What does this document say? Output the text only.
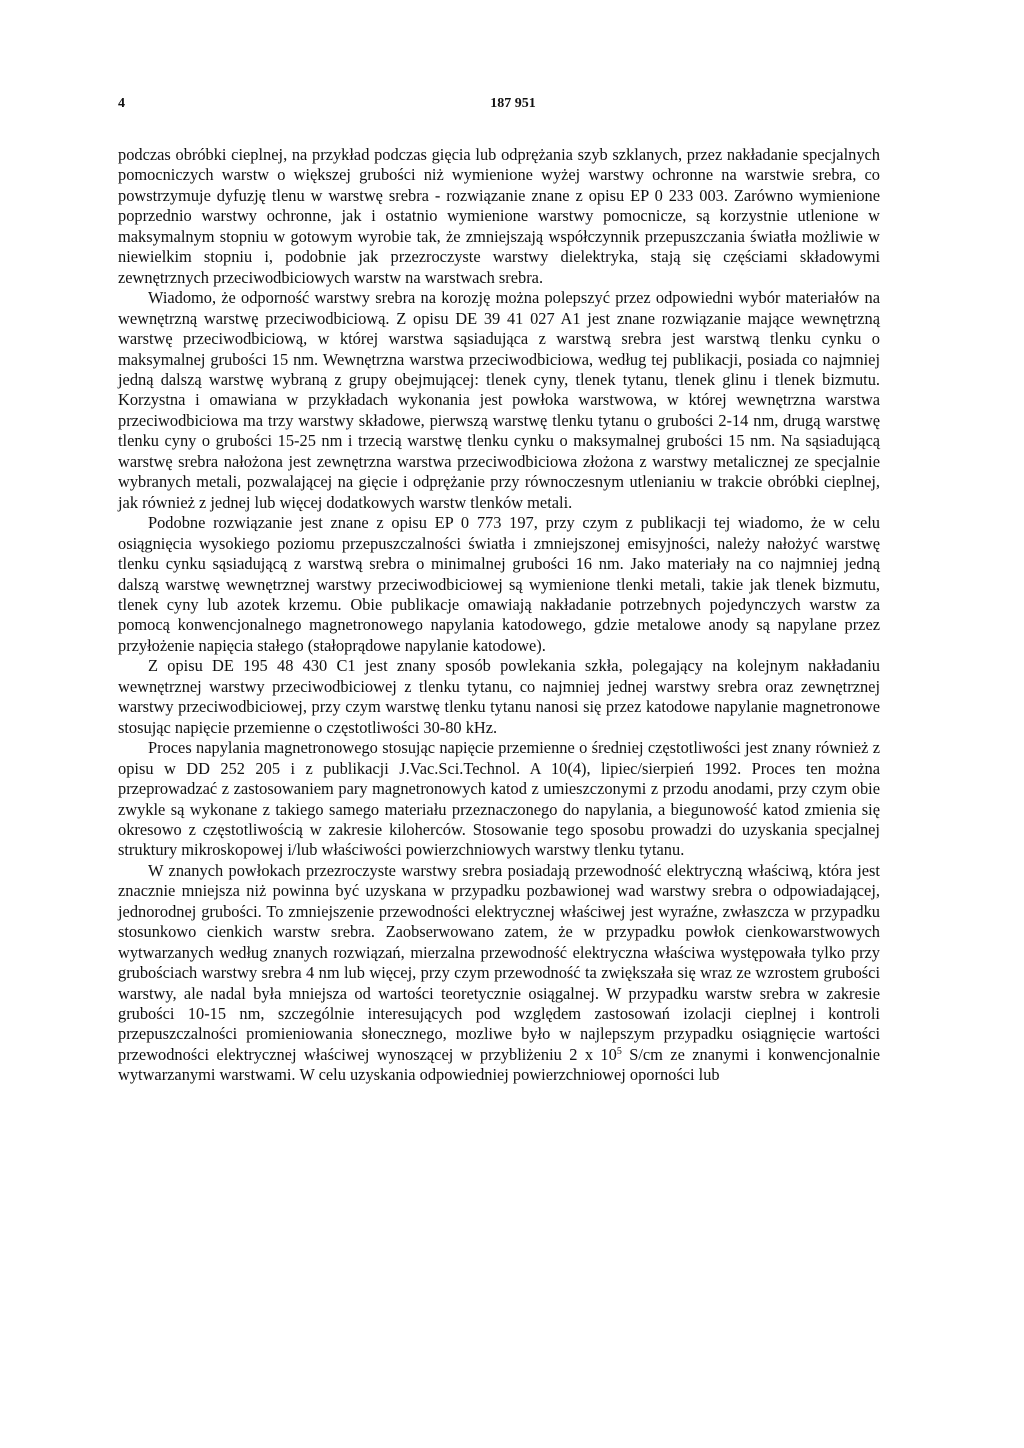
4	187 951

podczas obróbki cieplnej, na przykład podczas gięcia lub odprężania szyb szklanych, przez nakładanie specjalnych pomocniczych warstw o większej grubości niż wymienione wyżej warstwy ochronne na warstwie srebra, co powstrzymuje dyfuzję tlenu w warstwę srebra - rozwiązanie znane z opisu EP 0 233 003. Zarówno wymienione poprzednio warstwy ochronne, jak i ostatnio wymienione warstwy pomocnicze, są korzystnie utlenione w maksymalnym stopniu w gotowym wyrobie tak, że zmniejszają współczynnik przepuszczania światła możliwie w niewielkim stopniu i, podobnie jak przezroczyste warstwy dielektryka, stają się częściami składowymi zewnętrznych przeciwodbiciowych warstw na warstwach srebra.

Wiadomo, że odporność warstwy srebra na korozję można polepszyć przez odpowiedni wybór materiałów na wewnętrzną warstwę przeciwodbiciową. Z opisu DE 39 41 027 A1 jest znane rozwiązanie mające wewnętrzną warstwę przeciwodbiciową, w której warstwa sąsiadująca z warstwą srebra jest warstwą tlenku cynku o maksymalnej grubości 15 nm. Wewnętrzna warstwa przeciwodbiciowa, według tej publikacji, posiada co najmniej jedną dalszą warstwę wybraną z grupy obejmującej: tlenek cyny, tlenek tytanu, tlenek glinu i tlenek bizmutu. Korzystna i omawiana w przykładach wykonania jest powłoka warstwowa, w której wewnętrzna warstwa przeciwodbiciowa ma trzy warstwy składowe, pierwszą warstwę tlenku tytanu o grubości 2-14 nm, drugą warstwę tlenku cyny o grubości 15-25 nm i trzecią warstwę tlenku cynku o maksymalnej grubości 15 nm. Na sąsiadującą warstwę srebra nałożona jest zewnętrzna warstwa przeciwodbiciowa złożona z warstwy metalicznej ze specjalnie wybranych metali, pozwalającej na gięcie i odprężanie przy równoczesnym utlenianiu w trakcie obróbki cieplnej, jak również z jednej lub więcej dodatkowych warstw tlenków metali.

Podobne rozwiązanie jest znane z opisu EP 0 773 197, przy czym z publikacji tej wiadomo, że w celu osiągnięcia wysokiego poziomu przepuszczalności światła i zmniejszonej emisyjności, należy nałożyć warstwę tlenku cynku sąsiadującą z warstwą srebra o minimalnej grubości 16 nm. Jako materiały na co najmniej jedną dalszą warstwę wewnętrznej warstwy przeciwodbiciowej są wymienione tlenki metali, takie jak tlenek bizmutu, tlenek cyny lub azotek krzemu. Obie publikacje omawiają nakładanie potrzebnych pojedynczych warstw za pomocą konwencjonalnego magnetronowego napylania katodowego, gdzie metalowe anody są napylane przez przyłożenie napięcia stałego (stałoprądowe napylanie katodowe).

Z opisu DE 195 48 430 C1 jest znany sposób powlekania szkła, polegający na kolejnym nakładaniu wewnętrznej warstwy przeciwodbiciowej z tlenku tytanu, co najmniej jednej warstwy srebra oraz zewnętrznej warstwy przeciwodbiciowej, przy czym warstwę tlenku tytanu nanosi się przez katodowe napylanie magnetronowe stosując napięcie przemienne o częstotliwości 30-80 kHz.

Proces napylania magnetronowego stosując napięcie przemienne o średniej częstotliwości jest znany również z opisu w DD 252 205 i z publikacji J.Vac.Sci.Technol. A 10(4), lipiec/sierpień 1992. Proces ten można przeprowadzać z zastosowaniem pary magnetronowych katod z umieszczonymi z przodu anodami, przy czym obie zwykle są wykonane z takiego samego materiału przeznaczonego do napylania, a biegunowość katod zmienia się okresowo z częstotliwością w zakresie kiloherców. Stosowanie tego sposobu prowadzi do uzyskania specjalnej struktury mikroskopowej i/lub właściwości powierzchniowych warstwy tlenku tytanu.

W znanych powłokach przezroczyste warstwy srebra posiadają przewodność elektryczną właściwą, która jest znacznie mniejsza niż powinna być uzyskana w przypadku pozbawionej wad warstwy srebra o odpowiadającej, jednorodnej grubości. To zmniejszenie przewodności elektrycznej właściwej jest wyraźne, zwłaszcza w przypadku stosunkowo cienkich warstw srebra. Zaobserwowano zatem, że w przypadku powłok cienkowarstwowych wytwarzanych według znanych rozwiązań, mierzalna przewodność elektryczna właściwa występowała tylko przy grubościach warstwy srebra 4 nm lub więcej, przy czym przewodność ta zwiększała się wraz ze wzrostem grubości warstwy, ale nadal była mniejsza od wartości teoretycznie osiągalnej. W przypadku warstw srebra w zakresie grubości 10-15 nm, szczególnie interesujących pod względem zastosowań izolacji cieplnej i kontroli przepuszczalności promieniowania słonecznego, mozliwe było w najlepszym przypadku osiągnięcie wartości przewodności elektrycznej właściwej wynoszącej w przybliżeniu 2 x $10^5$ S/cm ze znanymi i konwencjonalnie wytwarzanymi warstwami. W celu uzyskania odpowiedniej powierzchniowej oporności lub
